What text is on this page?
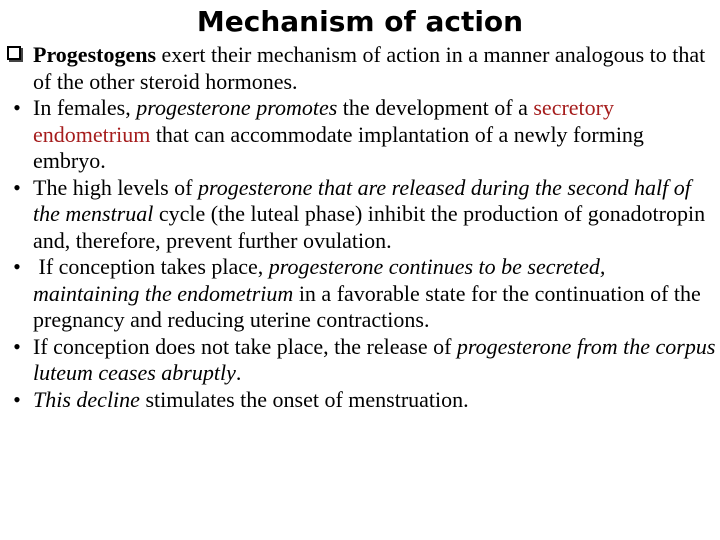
Mechanism of action
Progestogens exert their mechanism of action in a manner analogous to that of the other steroid hormones.
• In females, progesterone promotes the development of a secretory endometrium that can accommodate implantation of a newly forming embryo.
• The high levels of progesterone that are released during the second half of the menstrual cycle (the luteal phase) inhibit the production of gonadotropin and, therefore, prevent further ovulation.
• If conception takes place, progesterone continues to be secreted, maintaining the endometrium in a favorable state for the continuation of the pregnancy and reducing uterine contractions.
• If conception does not take place, the release of progesterone from the corpus luteum ceases abruptly.
• This decline stimulates the onset of menstruation.
